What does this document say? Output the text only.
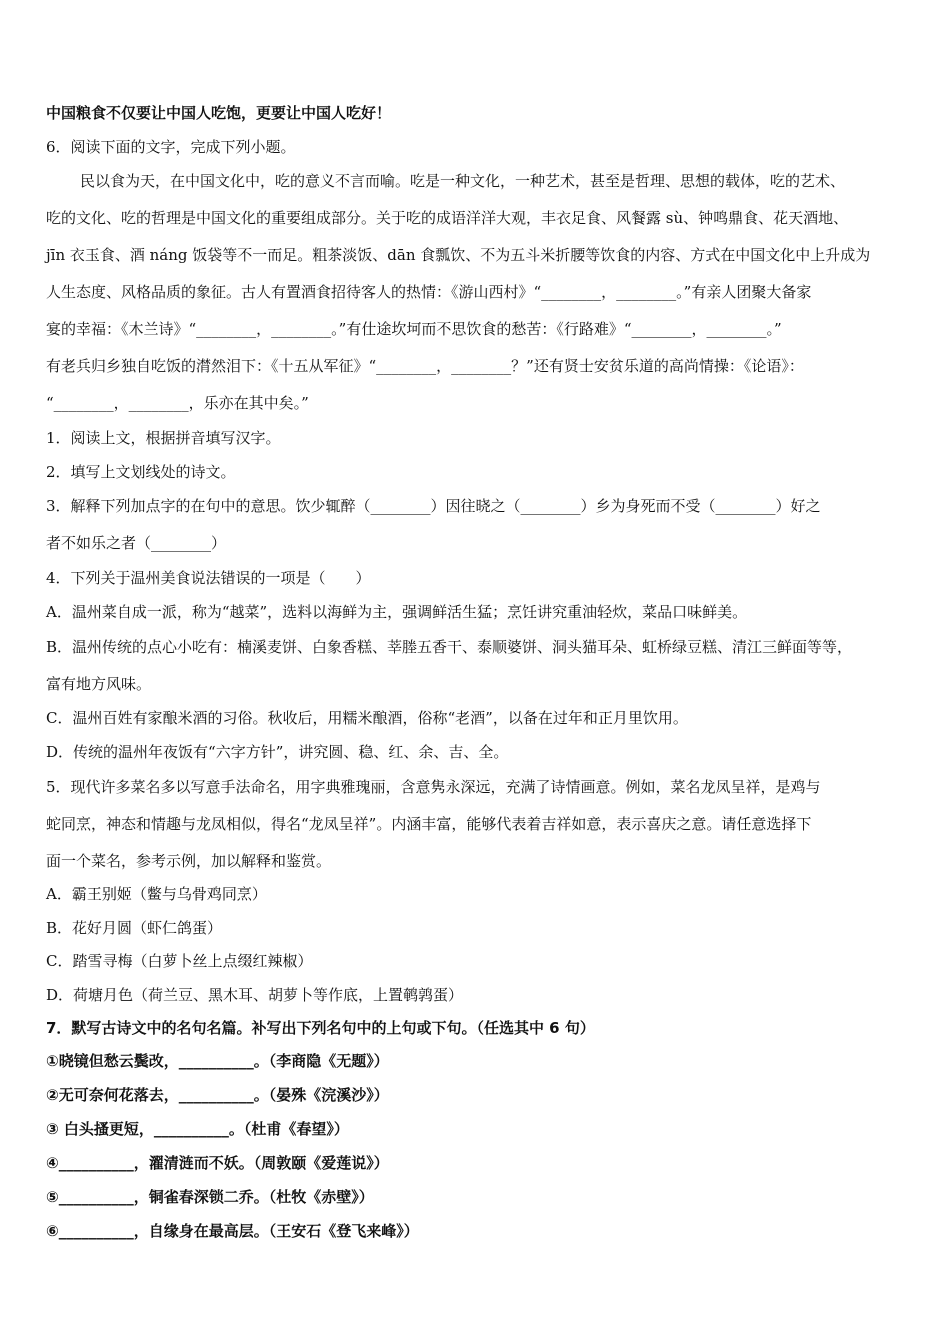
中国粮食不仅要让中国人吃饱，更要让中国人吃好！
6．阅读下面的文字，完成下列小题。
民以食为天，在中国文化中，吃的意义不言而喻。吃是一种文化，一种艺术，甚至是哲理、思想的载体，吃的艺术、
吃的文化、吃的哲理是中国文化的重要组成部分。关于吃的成语洋洋大观，丰衣足食、风餐露 sù、钟鸣鼎食、花天酒地、
jīn 衣玉食、酒 náng 饭袋等不一而足。粗茶淡饭、dān 食瓢饮、不为五斗米折腰等饮食的内容、方式在中国文化中上升成为
人生态度、风格品质的象征。古人有置酒食招待客人的热情：《游山西村》“________，________。”有亲人团聚大备家
宴的幸福：《木兰诗》“________，________。”有仕途坎坷而不思饮食的愁苦：《行路难》“________，________。”
有老兵归乡独自吃饭的潸然泪下：《十五从军征》“________，________？”还有贤士安贫乐道的高尚情操：《论语》：
“________，________，乐亦在其中矣。”
1．阅读上文，根据拼音填写汉字。
2．填写上文划线处的诗文。
3．解释下列加点字的在句中的意思。饮少辄醉（________）因往晓之（________）乡为身死而不受（________）好之
者不如乐之者（________）
4．下列关于温州美食说法错误的一项是（　　）
A．温州菜自成一派，称为“越菜”，选料以海鲜为主，强调鲜活生猛；烹饪讲究重油轻炊，菜品口味鲜美。
B．温州传统的点心小吃有：楠溪麦饼、白象香糕、莘塍五香干、泰顺婆饼、洞头猫耳朵、虹桥绿豆糕、清江三鲜面等等，
富有地方风味。
C．温州百姓有家酿米酒的习俗。秋收后，用糯米酿酒，俗称“老酒”，以备在过年和正月里饮用。
D．传统的温州年夜饭有“六字方针”，讲究圆、稳、红、余、吉、全。
5．现代许多菜名多以写意手法命名，用字典雅瑰丽，含意隽永深远，充满了诗情画意。例如，菜名龙凤呈祥，是鸡与
蛇同烹，神态和情趣与龙凤相似，得名“龙凤呈祥”。内涵丰富，能够代表着吉祥如意，表示喜庆之意。请任意选择下
面一个菜名，参考示例，加以解释和鉴赏。
A．霸王别姬（鳖与乌骨鸡同烹）
B．花好月圆（虾仁鸽蛋）
C．踏雪寻梅（白萝卜丝上点缀红辣椒）
D．荷塘月色（荷兰豆、黑木耳、胡萝卜等作底，上置鹌鹑蛋）
7．默写古诗文中的名句名篇。补写出下列名句中的上句或下句。（任选其中 6 句）
①晓镜但愁云鬓改，__________。（李商隐《无题》）
②无可奈何花落去，__________。（晏殊《浣溪沙》）
③ 白头搔更短，__________。（杜甫《春望》）
④__________，濯清涟而不妖。（周敦颐《爱莲说》）
⑤__________，铜雀春深锁二乔。（杜牧《赤壁》）
⑥__________，自缘身在最高层。（王安石《登飞来峰》）
